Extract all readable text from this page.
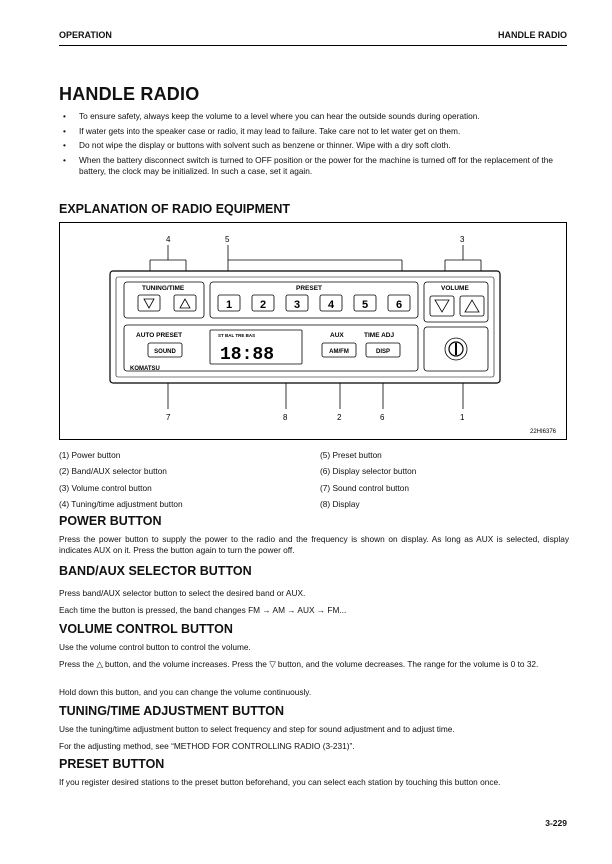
OPERATION	HANDLE RADIO
HANDLE RADIO
• To ensure safety, always keep the volume to a level where you can hear the outside sounds during operation.
• If water gets into the speaker case or radio, it may lead to failure. Take care not to let water get on them.
• Do not wipe the display or buttons with solvent such as benzene or thinner. Wipe with a dry soft cloth.
• When the battery disconnect switch is turned to OFF position or the power for the machine is turned off for the replacement of the battery, the clock may be initialized. In such a case, set it again.
EXPLANATION OF RADIO EQUIPMENT
4	5	3
7	8	2	6	1
TUNING/TIME	PRESET	VOLUME
AUTO PRESET	AUX	TIME ADJ
KOMATSU
1	2	3	4	5	6
SOUND	AM/FM	DISP
ST BAL TRE BAS
18:88
22HI6376
(1) Power button
(2) Band/AUX selector button
(3) Volume control button
(4) Tuning/time adjustment button
(5) Preset button
(6) Display selector button
(7) Sound control button
(8) Display
POWER BUTTON
Press the power button to supply the power to the radio and the frequency is shown on display. As long as AUX is selected, display indicates AUX on it. Press the button again to turn the power off.
BAND/AUX SELECTOR BUTTON
Press band/AUX selector button to select the desired band or AUX.
Each time the button is pressed, the band changes FM → AM → AUX → FM...
VOLUME CONTROL BUTTON
Use the volume control button to control the volume.
Press the △ button, and the volume increases. Press the ▽ button, and the volume decreases. The range for the volume is 0 to 32.
Hold down this button, and you can change the volume continuously.
TUNING/TIME ADJUSTMENT BUTTON
Use the tuning/time adjustment button to select frequency and step for sound adjustment and to adjust time.
For the adjusting method, see “METHOD FOR CONTROLLING RADIO (3-231)”.
PRESET BUTTON
If you register desired stations to the preset button beforehand, you can select each station by touching this button once.
3-229
